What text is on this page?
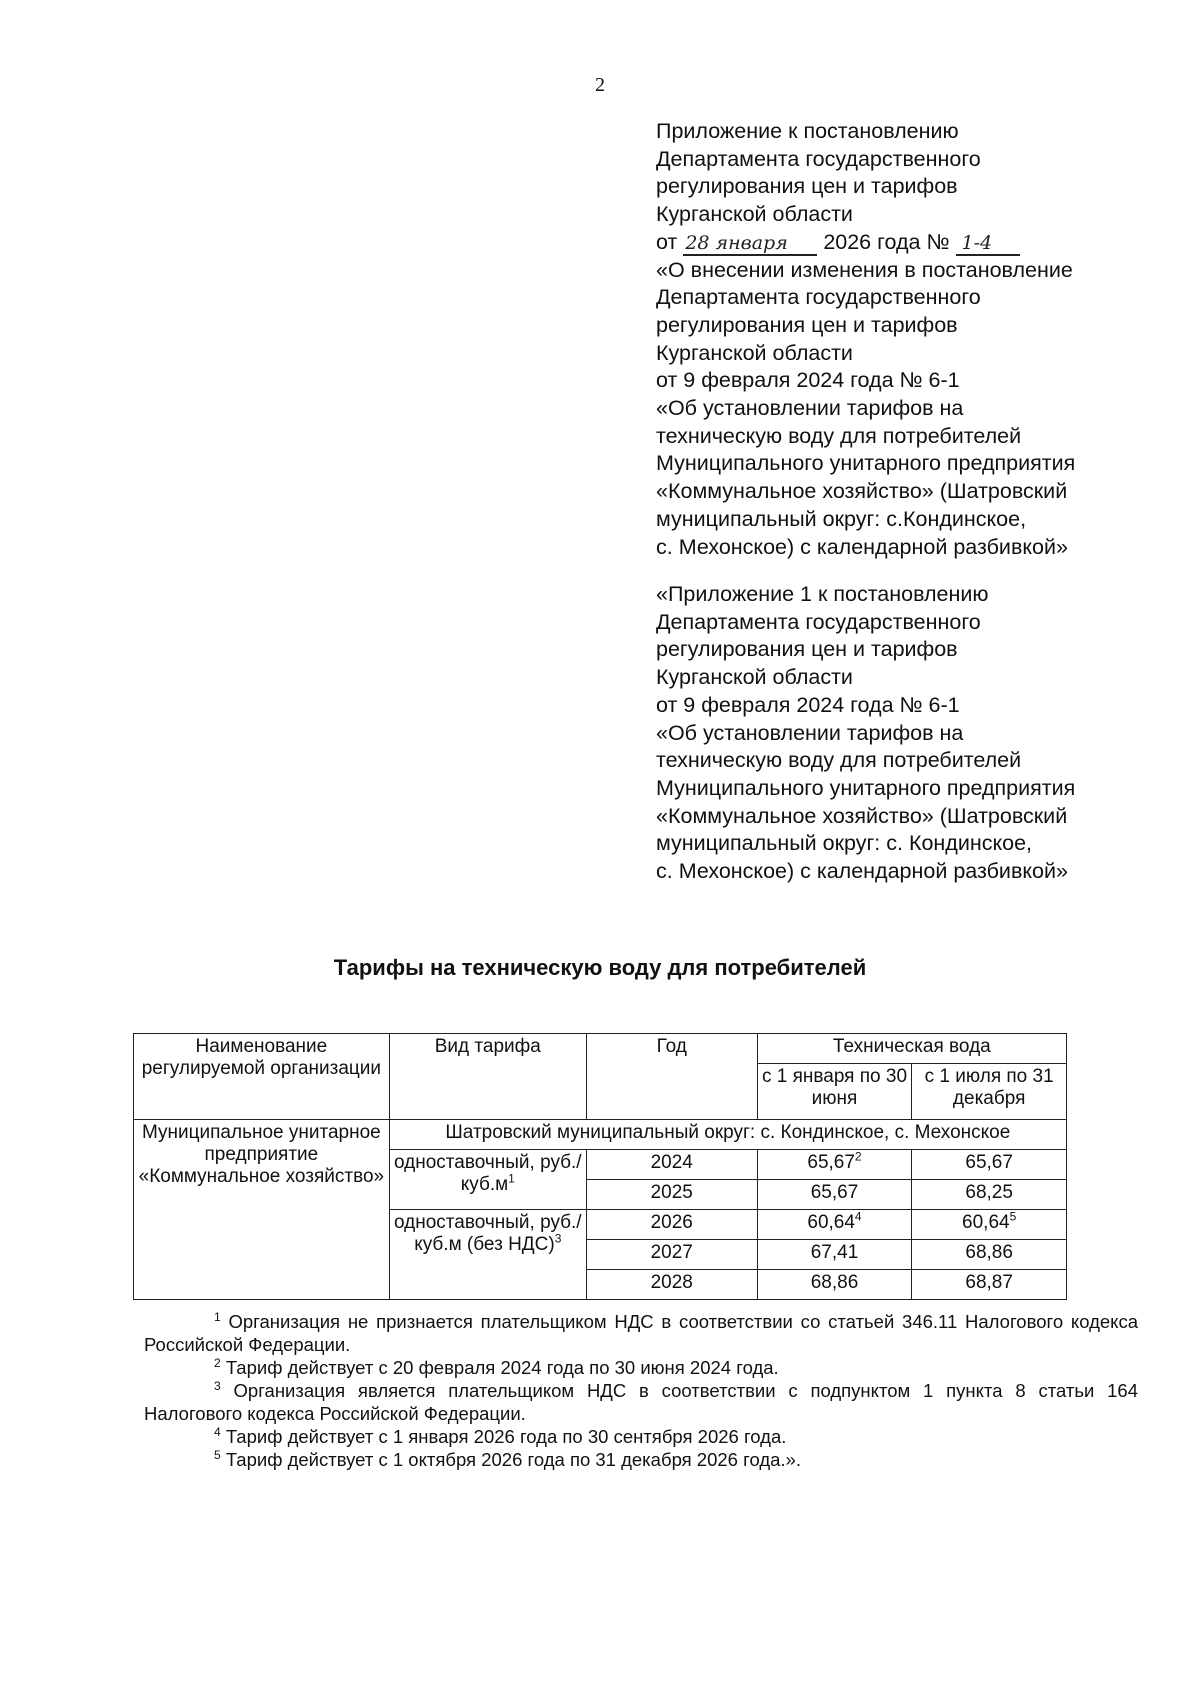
2
Приложение к постановлению
Департамента государственного
регулирования цен и тарифов
Курганской области
от 28 января 2026 года № 1-4
«О внесении изменения в постановление
Департамента государственного
регулирования цен и тарифов
Курганской области
от 9 февраля 2024 года № 6-1
«Об установлении тарифов на
техническую воду для потребителей
Муниципального унитарного предприятия
«Коммунальное хозяйство» (Шатровский
муниципальный округ: с.Кондинское,
с. Мехонское) с календарной разбивкой»
«Приложение 1 к постановлению
Департамента государственного
регулирования цен и тарифов
Курганской области
от 9 февраля 2024 года № 6-1
«Об установлении тарифов на
техническую воду для потребителей
Муниципального унитарного предприятия
«Коммунальное хозяйство» (Шатровский
муниципальный округ: с. Кондинское,
с. Мехонское) с календарной разбивкой»
Тарифы на техническую воду для потребителей
Наименование регулируемой организации	Вид тарифа	Год	Техническая вода	
			с 1 января по 30 июня	с 1 июля по 31 декабря
Муниципальное унитарное предприятие «Коммунальное хозяйство»	Шатровский муниципальный округ: с. Кондинское, с. Мехонское			
	одноставочный, $руб./куб.м^1$	2024	65,67$^2$	65,67
		2025	65,67	68,25
	одноставочный, руб./куб.м (без НДС)$^3$	2026	60,64$^4$	60,64$^5$
		2027	67,41	68,86
		2028	68,86	68,87
$^1$ Организация не признается плательщиком НДС в соответствии со статьей 346.11 Налогового кодекса Российской Федерации.
$^2$ Тариф действует с 20 февраля 2024 года по 30 июня 2024 года.
$^3$ Организация является плательщиком НДС в соответствии с подпунктом 1 пункта 8 статьи 164 Налогового кодекса Российской Федерации.
$^4$ Тариф действует с 1 января 2026 года по 30 сентября 2026 года.
$^5$ Тариф действует с 1 октября 2026 года по 31 декабря 2026 года.».
